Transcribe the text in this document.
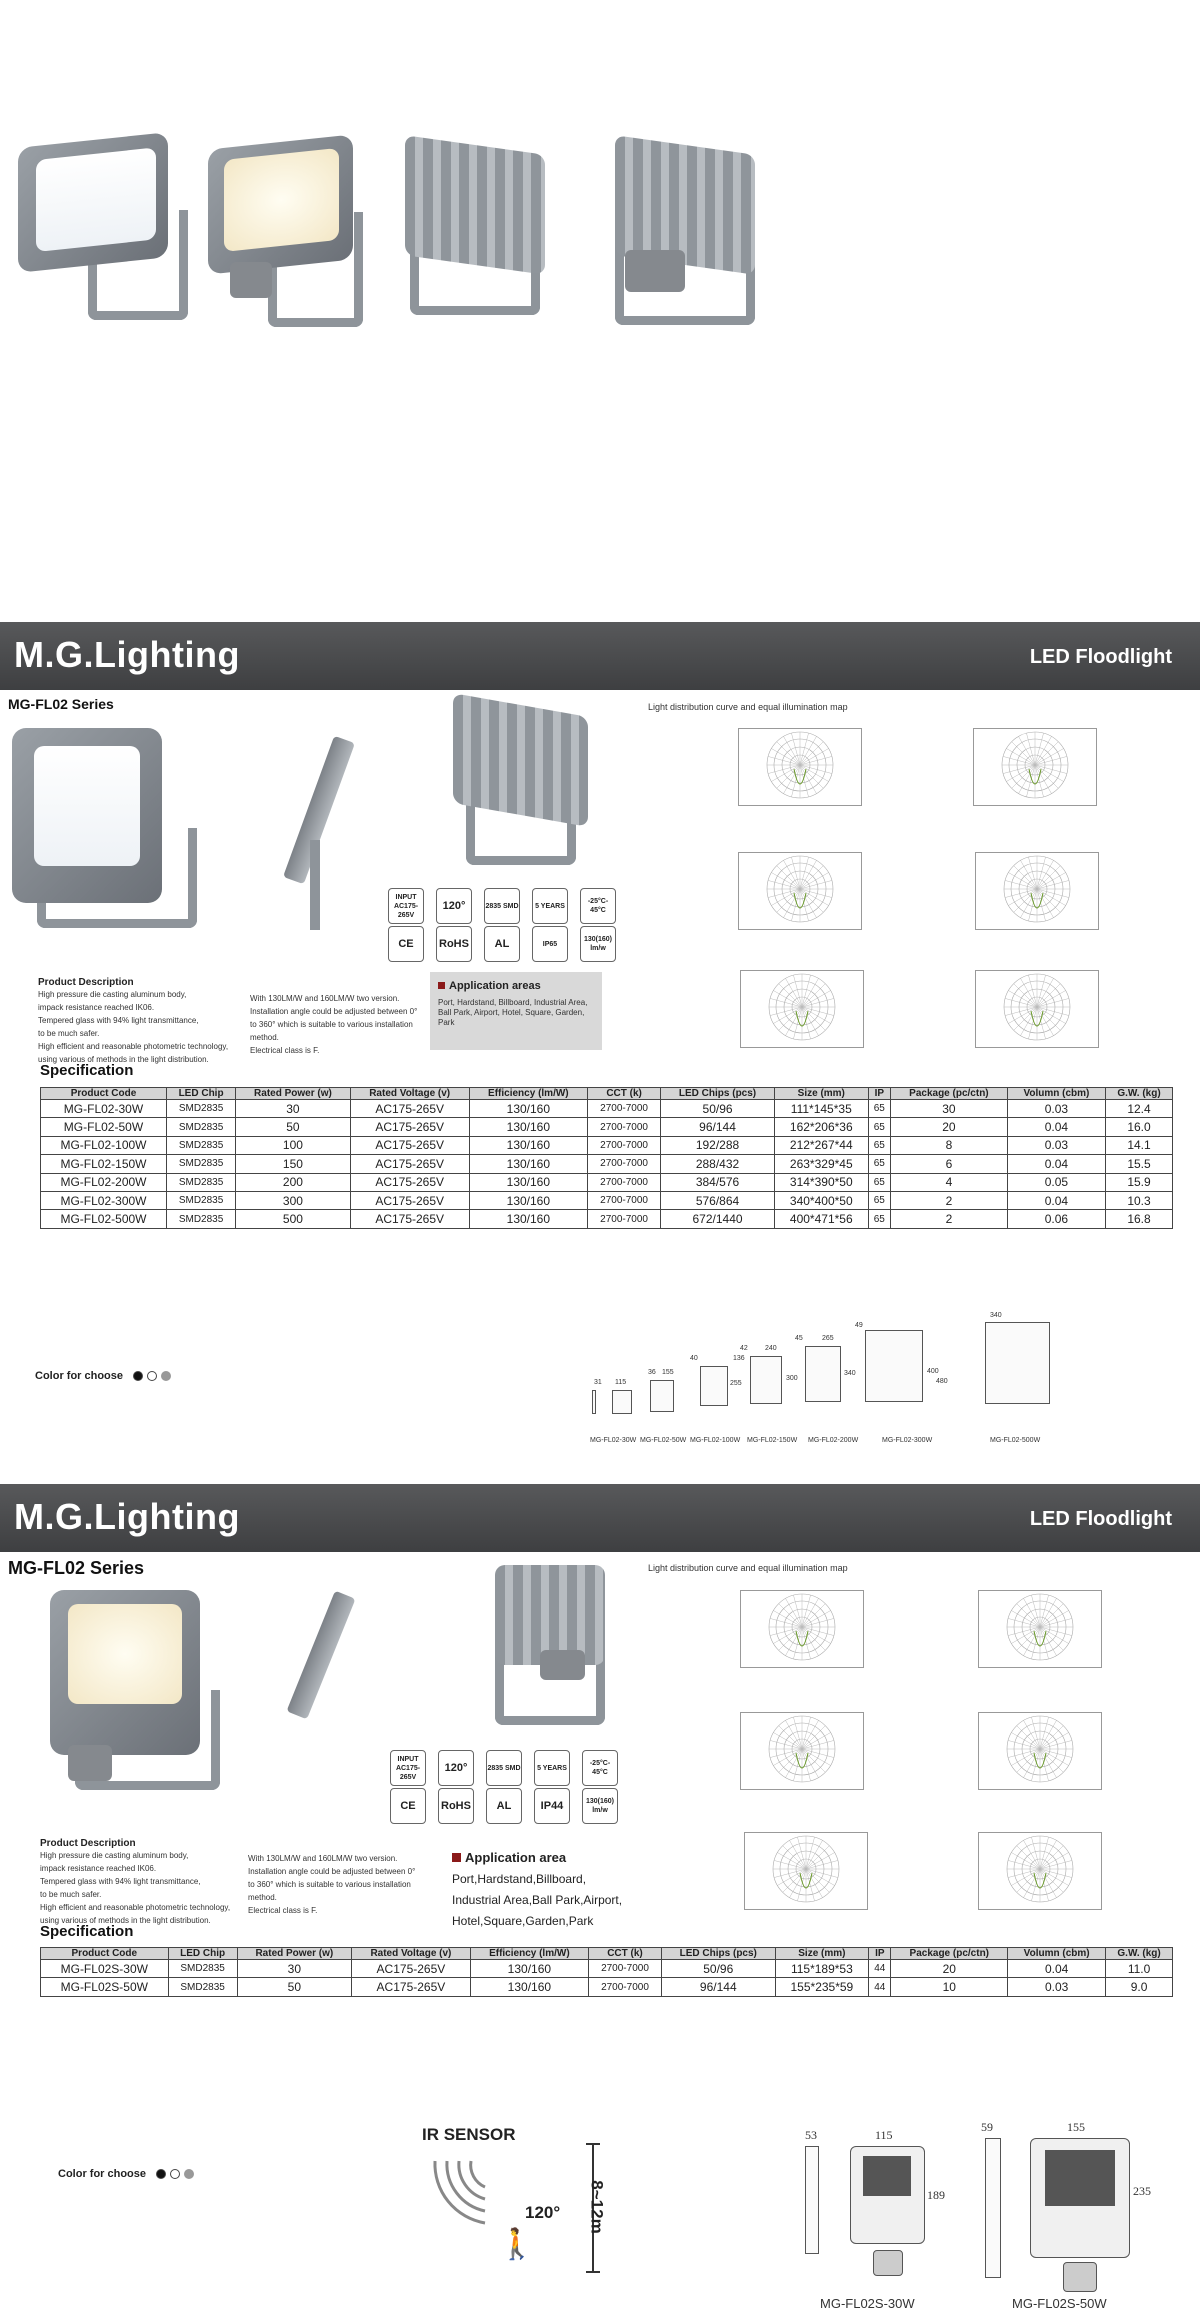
M.G.Lighting	LED Floodlight
MG-FL02 Series	Light distribution curve and equal illumination map
INPUT AC175-265V
120°	2835 SMD	5 YEARS
-25°C-45°C
CE	RoHS	AL	IP65
130(160) lm/w
Product Description
High pressure die casting aluminum body,
impack resistance reached IK06.
Tempered glass with 94% light transmittance,
to be much safer.
High efficient and reasonable photometric technology,
using various of methods in the light distribution.
With 130LM/W and 160LM/W two version.
Installation angle could be adjusted between 0°
to 360° which is suitable to various installation method.
Electrical class is F.
Application areas
Port, Hardstand, Billboard, Industrial Area, Ball Park, Airport, Hotel, Square, Garden, Park
Specification
Product Code	LED Chip	Rated Power (w)	Rated Voltage (v)	Efficiency (lm/W)	CCT (k)	LED Chips (pcs)	Size (mm)	IP	Package (pc/ctn)	Volumn (cbm)	G.W. (kg)
MG-FL02-30W	SMD2835	30	AC175-265V	130/160	2700-7000	50/96	111*145*35	65	30	0.03	12.4
MG-FL02-50W	SMD2835	50	AC175-265V	130/160	2700-7000	96/144	162*206*36	65	20	0.04	16.0
MG-FL02-100W	SMD2835	100	AC175-265V	130/160	2700-7000	192/288	212*267*44	65	8	0.03	14.1
MG-FL02-150W	SMD2835	150	AC175-265V	130/160	2700-7000	288/432	263*329*45	65	6	0.04	15.5
MG-FL02-200W	SMD2835	200	AC175-265V	130/160	2700-7000	384/576	314*390*50	65	4	0.05	15.9
MG-FL02-300W	SMD2835	300	AC175-265V	130/160	2700-7000	576/864	340*400*50	65	2	0.04	10.3
MG-FL02-500W	SMD2835	500	AC175-265V	130/160	2700-7000	672/1440	400*471*56	65	2	0.06	16.8
Color for choose
31 115
36 155
40	136
255
42 240
300
45	265
340
49
340
400
480
MG-FL02-30W MG-FL02-50W MG-FL02-100W MG-FL02-150W MG-FL02-200W	MG-FL02-300W	MG-FL02-500W
M.G.Lighting	LED Floodlight
MG-FL02 Series	Light distribution curve and equal illumination map
INPUT AC175-265V
120°	2835 SMD	5 YEARS
-25°C-45°C
CE	RoHS	AL	IP44	130(160) lm/w
Product Description
High pressure die casting aluminum body,
impack resistance reached IK06.
Tempered glass with 94% light transmittance,
to be much safer.
High efficient and reasonable photometric technology,
using various of methods in the light distribution.
With 130LM/W and 160LM/W two version.
Installation angle could be adjusted between 0°
to 360° which is suitable to various installation method.
Electrical class is F.
Application area
Port,Hardstand,Billboard,
Industrial Area,Ball Park,Airport,
Hotel,Square,Garden,Park
Specification
Product Code	LED Chip	Rated Power (w)	Rated Voltage (v)	Efficiency (lm/W)	CCT (k)	LED Chips (pcs)	Size (mm)	IP	Package (pc/ctn)	Volumn (cbm)	G.W. (kg)
MG-FL02S-30W	SMD2835	30	AC175-265V	130/160	2700-7000	50/96	115*189*53	44	20	0.04	11.0
MG-FL02S-50W	SMD2835	50	AC175-265V	130/160	2700-7000	96/144	155*235*59	44	10	0.03	9.0
Color for choose
IR SENSOR
120°
🚶
8~12m
53	115
189
MG-FL02S-30W
59	155
235
MG-FL02S-50W
